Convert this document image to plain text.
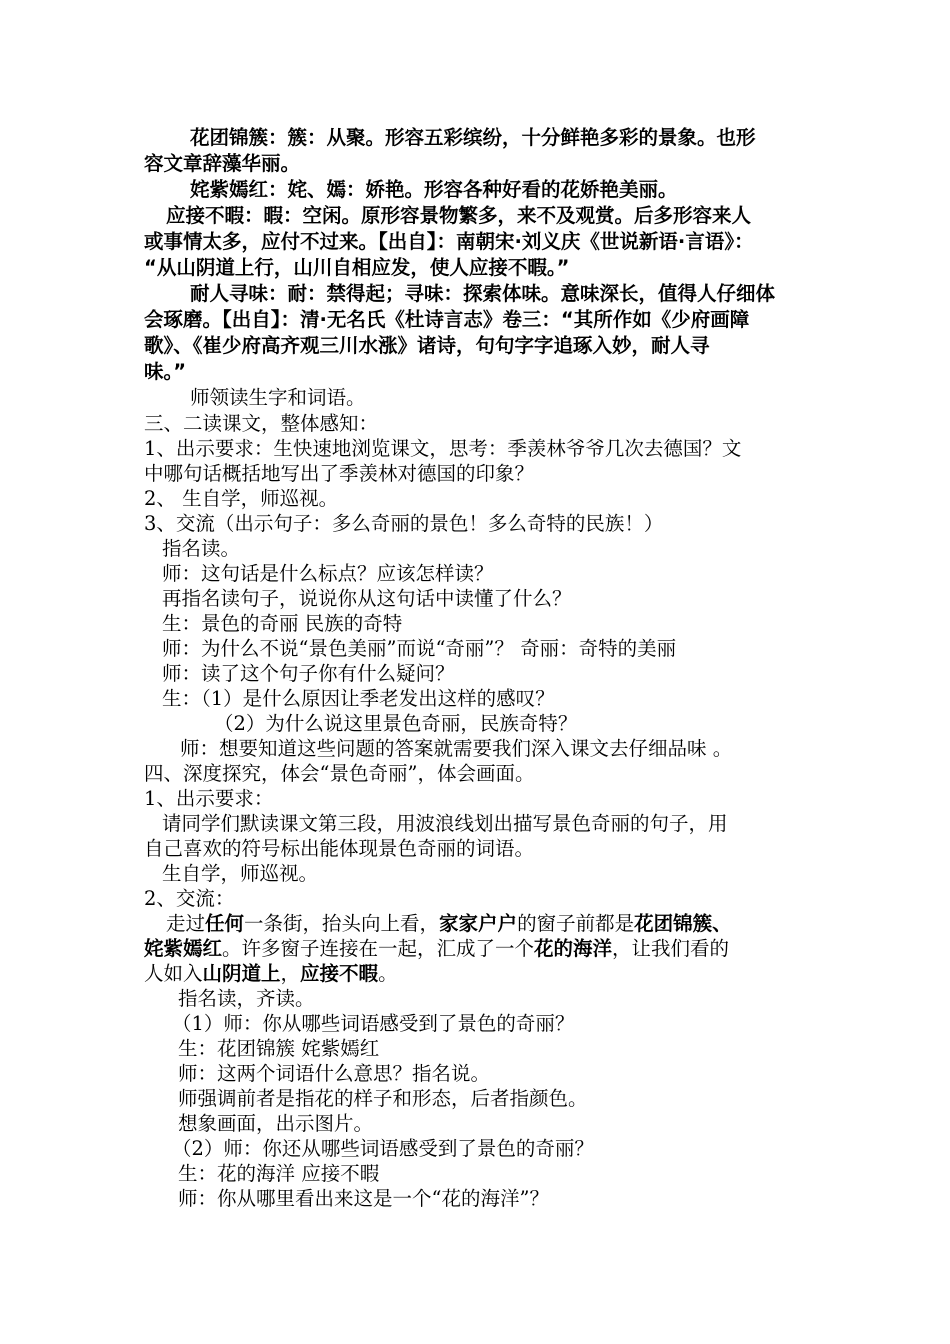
花团锦簇：簇：从聚。形容五彩缤纷，十分鲜艳多彩的景象。也形
容文章辞藻华丽。
姹紫嫣红：姹、嫣：娇艳。形容各种好看的花娇艳美丽。
应接不暇：暇：空闲。原形容景物繁多，来不及观赏。后多形容来人
或事情太多，应付不过来。【出自】：南朝宋·刘义庆《世说新语·言语》：
“从山阴道上行，山川自相应发，使人应接不暇。”
耐人寻味：耐：禁得起；寻味：探索体味。意味深长，值得人仔细体
会琢磨。【出自】：清·无名氏《杜诗言志》卷三：“其所作如《少府画障
歌》、《崔少府高齐观三川水涨》诸诗，句句字字追琢入妙，耐人寻
味。”
师领读生字和词语。
三、二读课文，整体感知：
1、出示要求：生快速地浏览课文，思考：季羡林爷爷几次去德国？文
中哪句话概括地写出了季羡林对德国的印象？
2、 生自学，师巡视。
3、交流（出示句子：多么奇丽的景色！多么奇特的民族！）
指名读。
师：这句话是什么标点？应该怎样读？
再指名读句子，说说你从这句话中读懂了什么？
生：景色的奇丽 民族的奇特
师：为什么不说“景色美丽”而说“奇丽”？ 奇丽：奇特的美丽
师：读了这个句子你有什么疑问？
生：（1）是什么原因让季老发出这样的感叹？
（2）为什么说这里景色奇丽，民族奇特？
师：想要知道这些问题的答案就需要我们深入课文去仔细品味 。
四、深度探究，体会“景色奇丽”，体会画面。
1、出示要求：
请同学们默读课文第三段，用波浪线划出描写景色奇丽的句子，用
自己喜欢的符号标出能体现景色奇丽的词语。
生自学，师巡视。
2、交流：
走过任何一条街，抬头向上看，家家户户的窗子前都是花团锦簇、
姹紫嫣红。许多窗子连接在一起，汇成了一个花的海洋，让我们看的
人如入山阴道上，应接不暇。
指名读，齐读。
（1）师：你从哪些词语感受到了景色的奇丽？
生：花团锦簇 姹紫嫣红
师：这两个词语什么意思？指名说。
师强调前者是指花的样子和形态，后者指颜色。
想象画面，出示图片。
（2）师：你还从哪些词语感受到了景色的奇丽？
生：花的海洋 应接不暇
师：你从哪里看出来这是一个“花的海洋”？
